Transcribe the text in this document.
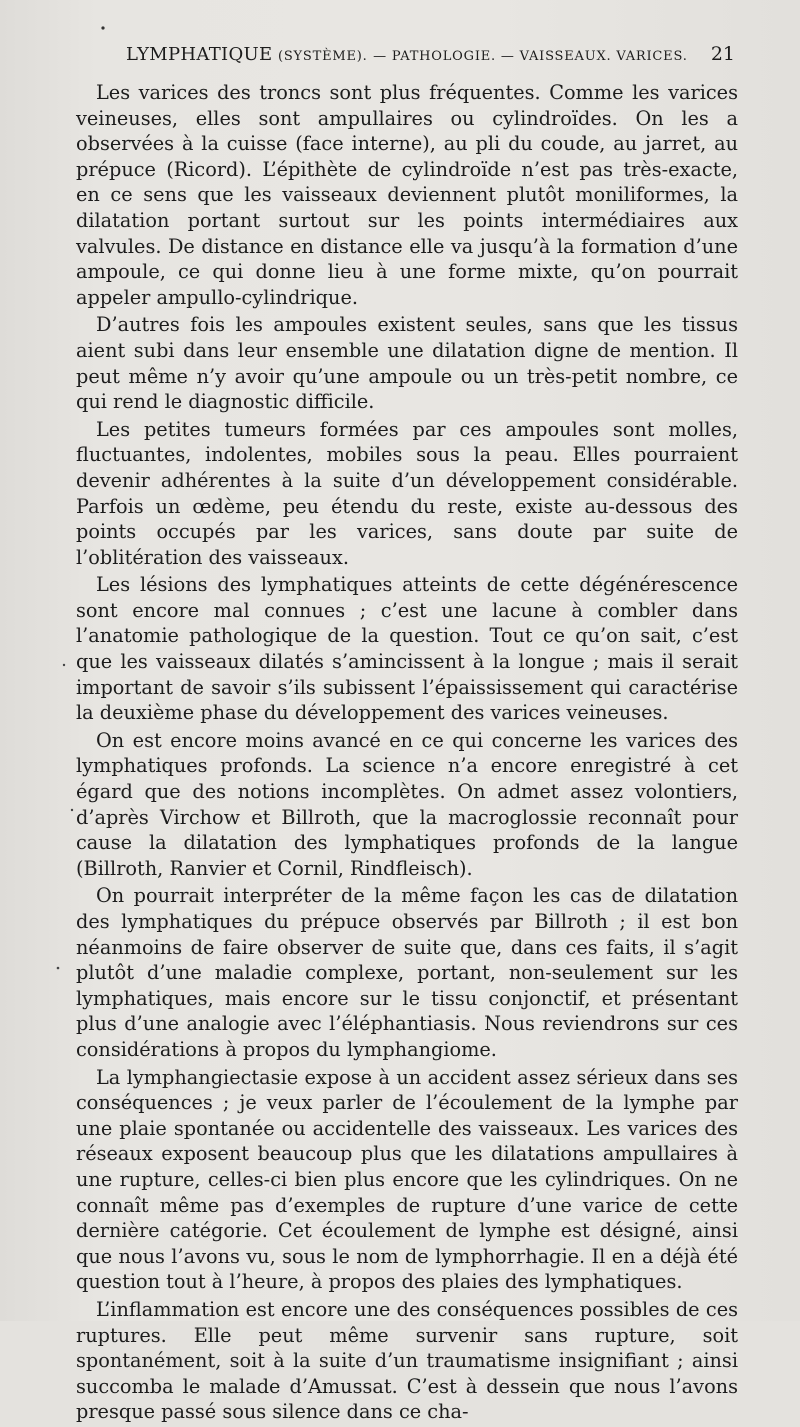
LYMPHATIQUE (SYSTÈME). — PATHOLOGIE. — VAISSEAUX. VARICES.	21

Les varices des troncs sont plus fréquentes. Comme les varices veineuses, elles sont ampullaires ou cylindroïdes. On les a observées à la cuisse (face interne), au pli du coude, au jarret, au prépuce (Ricord). L’épithète de cylindroïde n’est pas très-exacte, en ce sens que les vaisseaux deviennent plutôt moniliformes, la dilatation portant surtout sur les points intermédiaires aux valvules. De distance en distance elle va jusqu’à la formation d’une ampoule, ce qui donne lieu à une forme mixte, qu’on pourrait appeler ampullo-cylindrique.

D’autres fois les ampoules existent seules, sans que les tissus aient subi dans leur ensemble une dilatation digne de mention. Il peut même n’y avoir qu’une ampoule ou un très-petit nombre, ce qui rend le diagnostic difficile.

Les petites tumeurs formées par ces ampoules sont molles, fluctuantes, indolentes, mobiles sous la peau. Elles pourraient devenir adhérentes à la suite d’un développement considérable. Parfois un œdème, peu étendu du reste, existe au-dessous des points occupés par les varices, sans doute par suite de l’oblitération des vaisseaux.

Les lésions des lymphatiques atteints de cette dégénérescence sont encore mal connues ; c’est une lacune à combler dans l’anatomie pathologique de la question. Tout ce qu’on sait, c’est que les vaisseaux dilatés s’amincissent à la longue ; mais il serait important de savoir s’ils subissent l’épaississement qui caractérise la deuxième phase du développement des varices veineuses.

On est encore moins avancé en ce qui concerne les varices des lymphatiques profonds. La science n’a encore enregistré à cet égard que des notions incomplètes. On admet assez volontiers, d’après Virchow et Billroth, que la macroglossie reconnaît pour cause la dilatation des lymphatiques profonds de la langue (Billroth, Ranvier et Cornil, Rindfleisch).

On pourrait interpréter de la même façon les cas de dilatation des lymphatiques du prépuce observés par Billroth ; il est bon néanmoins de faire observer de suite que, dans ces faits, il s’agit plutôt d’une maladie complexe, portant, non-seulement sur les lymphatiques, mais encore sur le tissu conjonctif, et présentant plus d’une analogie avec l’éléphantiasis. Nous reviendrons sur ces considérations à propos du lymphangiome.

La lymphangiectasie expose à un accident assez sérieux dans ses conséquences ; je veux parler de l’écoulement de la lymphe par une plaie spontanée ou accidentelle des vaisseaux. Les varices des réseaux exposent beaucoup plus que les dilatations ampullaires à une rupture, celles-ci bien plus encore que les cylindriques. On ne connaît même pas d’exemples de rupture d’une varice de cette dernière catégorie. Cet écoulement de lymphe est désigné, ainsi que nous l’avons vu, sous le nom de lymphorrhagie. Il en a déjà été question tout à l’heure, à propos des plaies des lymphatiques.

L’inflammation est encore une des conséquences possibles de ces ruptures. Elle peut même survenir sans rupture, soit spontanément, soit à la suite d’un traumatisme insignifiant ; ainsi succomba le malade d’Amussat. C’est à dessein que nous l’avons presque passé sous silence dans ce cha-
